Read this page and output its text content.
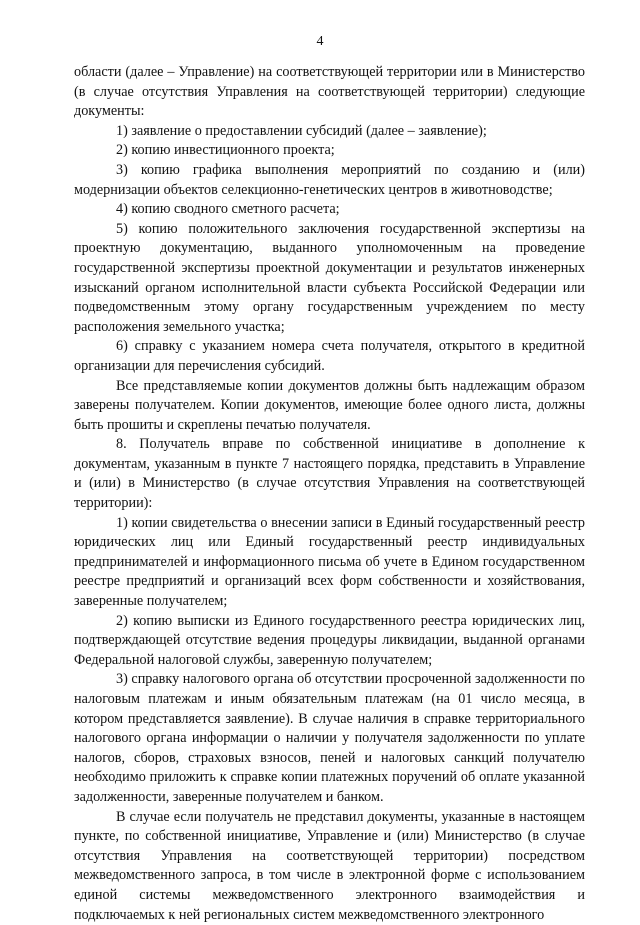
4

области (далее – Управление) на соответствующей территории или в Министерство (в случае отсутствия Управления на соответствующей территории) следующие документы:

1) заявление о предоставлении субсидий (далее – заявление);

2) копию инвестиционного проекта;

3) копию графика выполнения мероприятий по созданию и (или) модернизации объектов селекционно-генетических центров в животноводстве;

4) копию сводного сметного расчета;

5) копию положительного заключения государственной экспертизы на проектную документацию, выданного уполномоченным на проведение государственной экспертизы проектной документации и результатов инженерных изысканий органом исполнительной власти субъекта Российской Федерации или подведомственным этому органу государственным учреждением по месту расположения земельного участка;

6) справку с указанием номера счета получателя, открытого в кредитной организации для перечисления субсидий.

Все представляемые копии документов должны быть надлежащим образом заверены получателем. Копии документов, имеющие более одного листа, должны быть прошиты и скреплены печатью получателя.

8. Получатель вправе по собственной инициативе в дополнение к документам, указанным в пункте 7 настоящего порядка, представить в Управление и (или) в Министерство (в случае отсутствия Управления на соответствующей территории):

1) копии свидетельства о внесении записи в Единый государственный реестр юридических лиц или Единый государственный реестр индивидуальных предпринимателей и информационного письма об учете в Едином государственном реестре предприятий и организаций всех форм собственности и хозяйствования, заверенные получателем;

2) копию выписки из Единого государственного реестра юридических лиц, подтверждающей отсутствие ведения процедуры ликвидации, выданной органами Федеральной налоговой службы, заверенную получателем;

3) справку налогового органа об отсутствии просроченной задолженности по налоговым платежам и иным обязательным платежам (на 01 число месяца, в котором представляется заявление). В случае наличия в справке территориального налогового органа информации о наличии у получателя задолженности по уплате налогов, сборов, страховых взносов, пеней и налоговых санкций получателю необходимо приложить к справке копии платежных поручений об оплате указанной задолженности, заверенные получателем и банком.

В случае если получатель не представил документы, указанные в настоящем пункте, по собственной инициативе, Управление и (или) Министерство (в случае отсутствия Управления на соответствующей территории) посредством межведомственного запроса, в том числе в электронной форме с использованием единой системы межведомственного электронного взаимодействия и подключаемых к ней региональных систем межведомственного электронного
